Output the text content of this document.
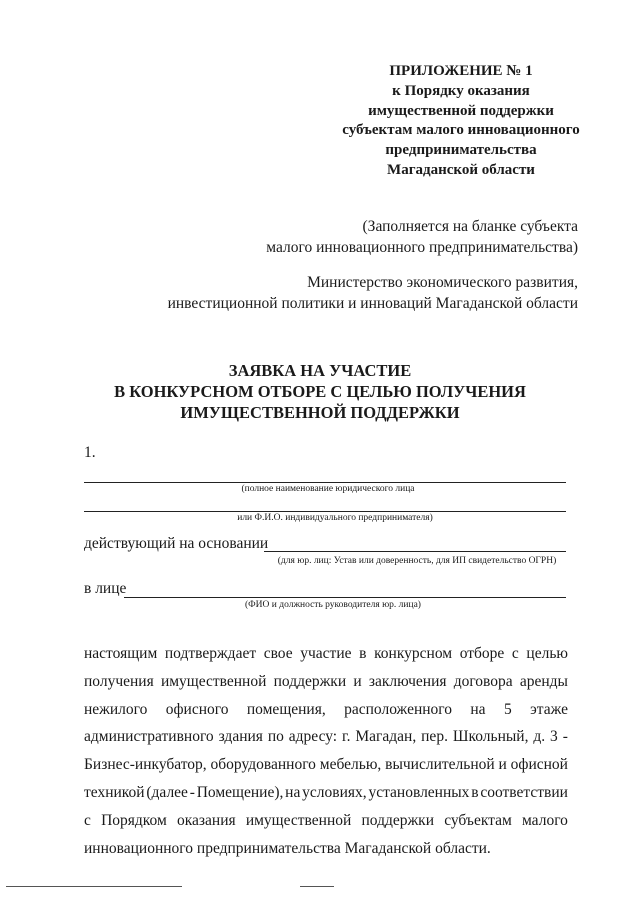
ПРИЛОЖЕНИЕ № 1
к Порядку оказания
имущественной поддержки
субъектам малого инновационного
предпринимательства
Магаданской области
(Заполняется на бланке субъекта
малого инновационного предпринимательства)
Министерство экономического развития,
инвестиционной политики и инноваций Магаданской области
ЗАЯВКА НА УЧАСТИЕ
В КОНКУРСНОМ ОТБОРЕ С ЦЕЛЬЮ ПОЛУЧЕНИЯ
ИМУЩЕСТВЕННОЙ ПОДДЕРЖКИ
1.
(полное наименование юридического лица
или Ф.И.О. индивидуального предпринимателя)
действующий на основании
(для юр. лиц: Устав или доверенность, для ИП свидетельство ОГРН)
в лице
(ФИО и должность руководителя юр. лица)
настоящим подтверждает свое участие в конкурсном отборе с целью
получения имущественной поддержки и заключения договора аренды
нежилого офисного помещения, расположенного на 5 этаже
административного здания по адресу: г. Магадан, пер. Школьный, д. 3 -
Бизнес-инкубатор, оборудованного мебелью, вычислительной и офисной
техникой (далее - Помещение), на условиях, установленных в соответствии
с Порядком оказания имущественной поддержки субъектам малого
инновационного предпринимательства Магаданской области.
